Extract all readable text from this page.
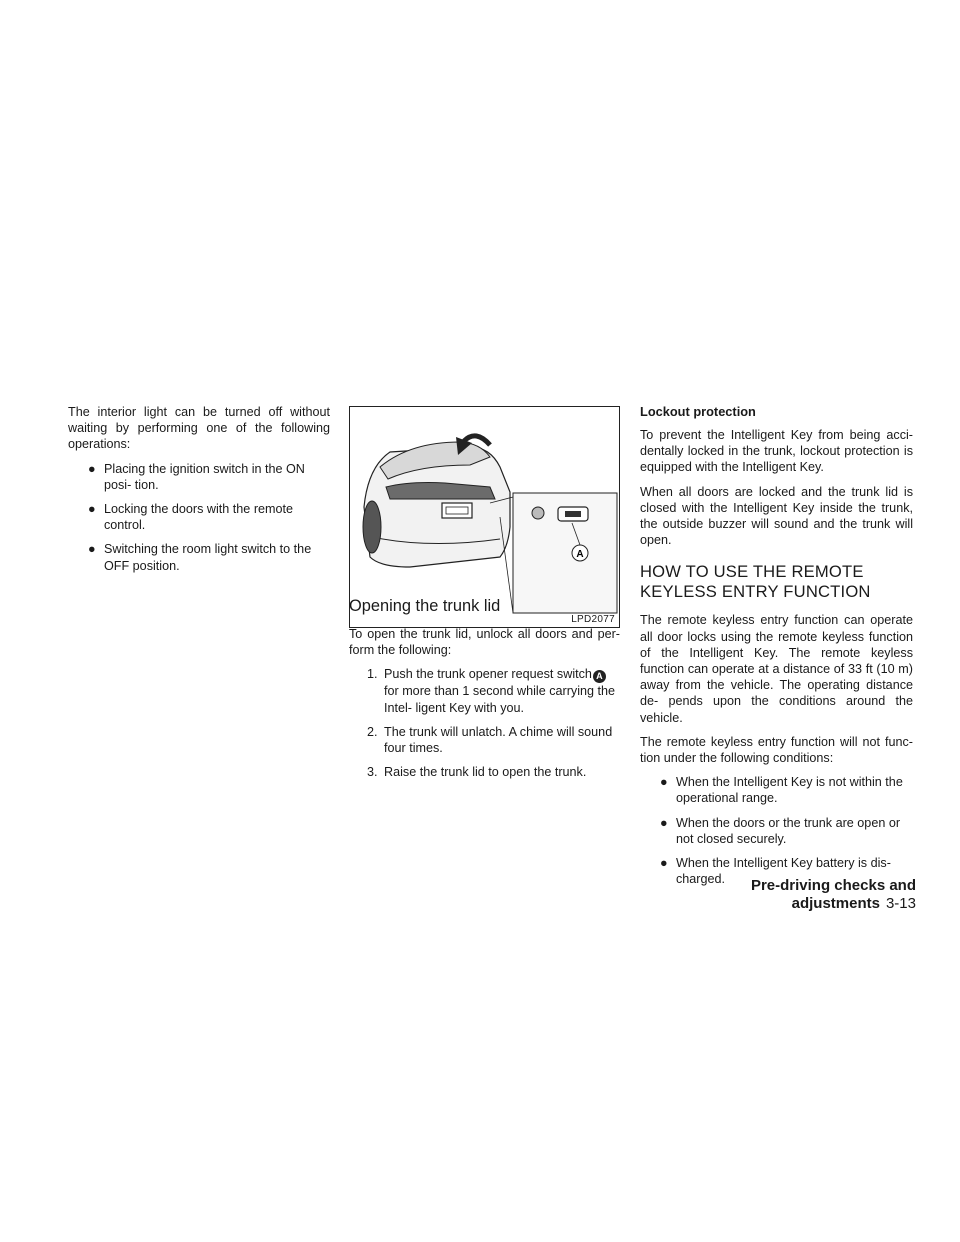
The interior light can be turned off without waiting by performing one of the following operations:

● Placing the ignition switch in the ON posi- tion.
● Locking the doors with the remote control.
● Switching the room light switch to the OFF position.
A
LPD2077
Opening the trunk lid

To open the trunk lid, unlock all doors and per- form the following:

1. Push the trunk opener request switch Afor more than 1 second while carrying the Intel- ligent Key with you.
2. The trunk will unlatch. A chime will sound four times.
3. Raise the trunk lid to open the trunk.
Lockout protection

To prevent the Intelligent Key from being acci- dentally locked in the trunk, lockout protection is equipped with the Intelligent Key.

When all doors are locked and the trunk lid is closed with the Intelligent Key inside the trunk, the outside buzzer will sound and the trunk will open.

HOW TO USE THE REMOTE
KEYLESS ENTRY FUNCTION

The remote keyless entry function can operate all door locks using the remote keyless function of the Intelligent Key. The remote keyless function can operate at a distance of 33 ft (10 m) away from the vehicle. The operating distance de- pends upon the conditions around the vehicle.

The remote keyless entry function will not func- tion under the following conditions:

● When the Intelligent Key is not within the operational range.
● When the doors or the trunk are open or not closed securely.
● When the Intelligent Key battery is dis- charged.	Pre-driving checks and adjustments 3-13
